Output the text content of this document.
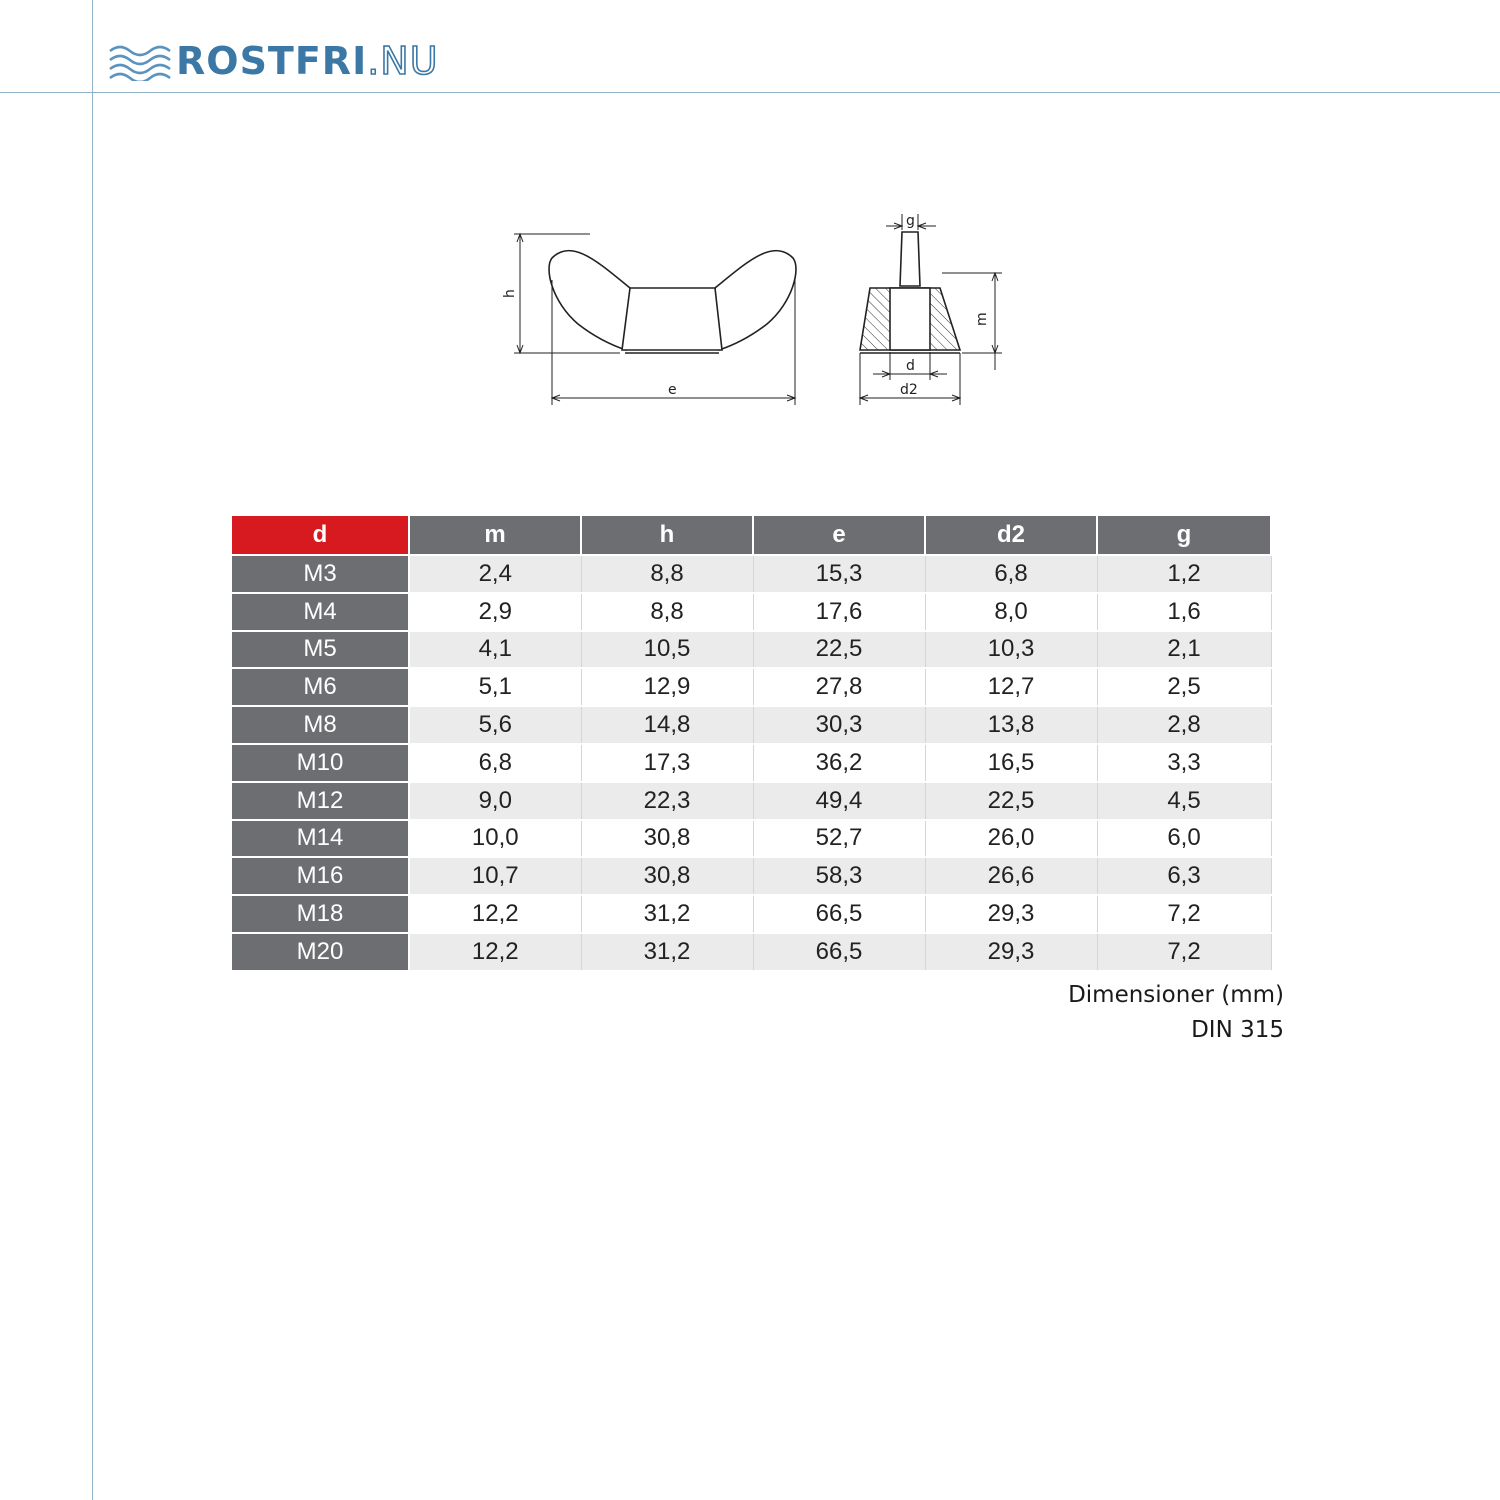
ROSTFRI.NU
h
e
g
m
d
d2
d	m	h	e	d2	g
M3	2,4	8,8	15,3	6,8	1,2
M4	2,9	8,8	17,6	8,0	1,6
M5	4,1	10,5	22,5	10,3	2,1
M6	5,1	12,9	27,8	12,7	2,5
M8	5,6	14,8	30,3	13,8	2,8
M10	6,8	17,3	36,2	16,5	3,3
M12	9,0	22,3	49,4	22,5	4,5
M14	10,0	30,8	52,7	26,0	6,0
M16	10,7	30,8	58,3	26,6	6,3
M18	12,2	31,2	66,5	29,3	7,2
M20	12,2	31,2	66,5	29,3	7,2
Dimensioner (mm)
DIN 315
